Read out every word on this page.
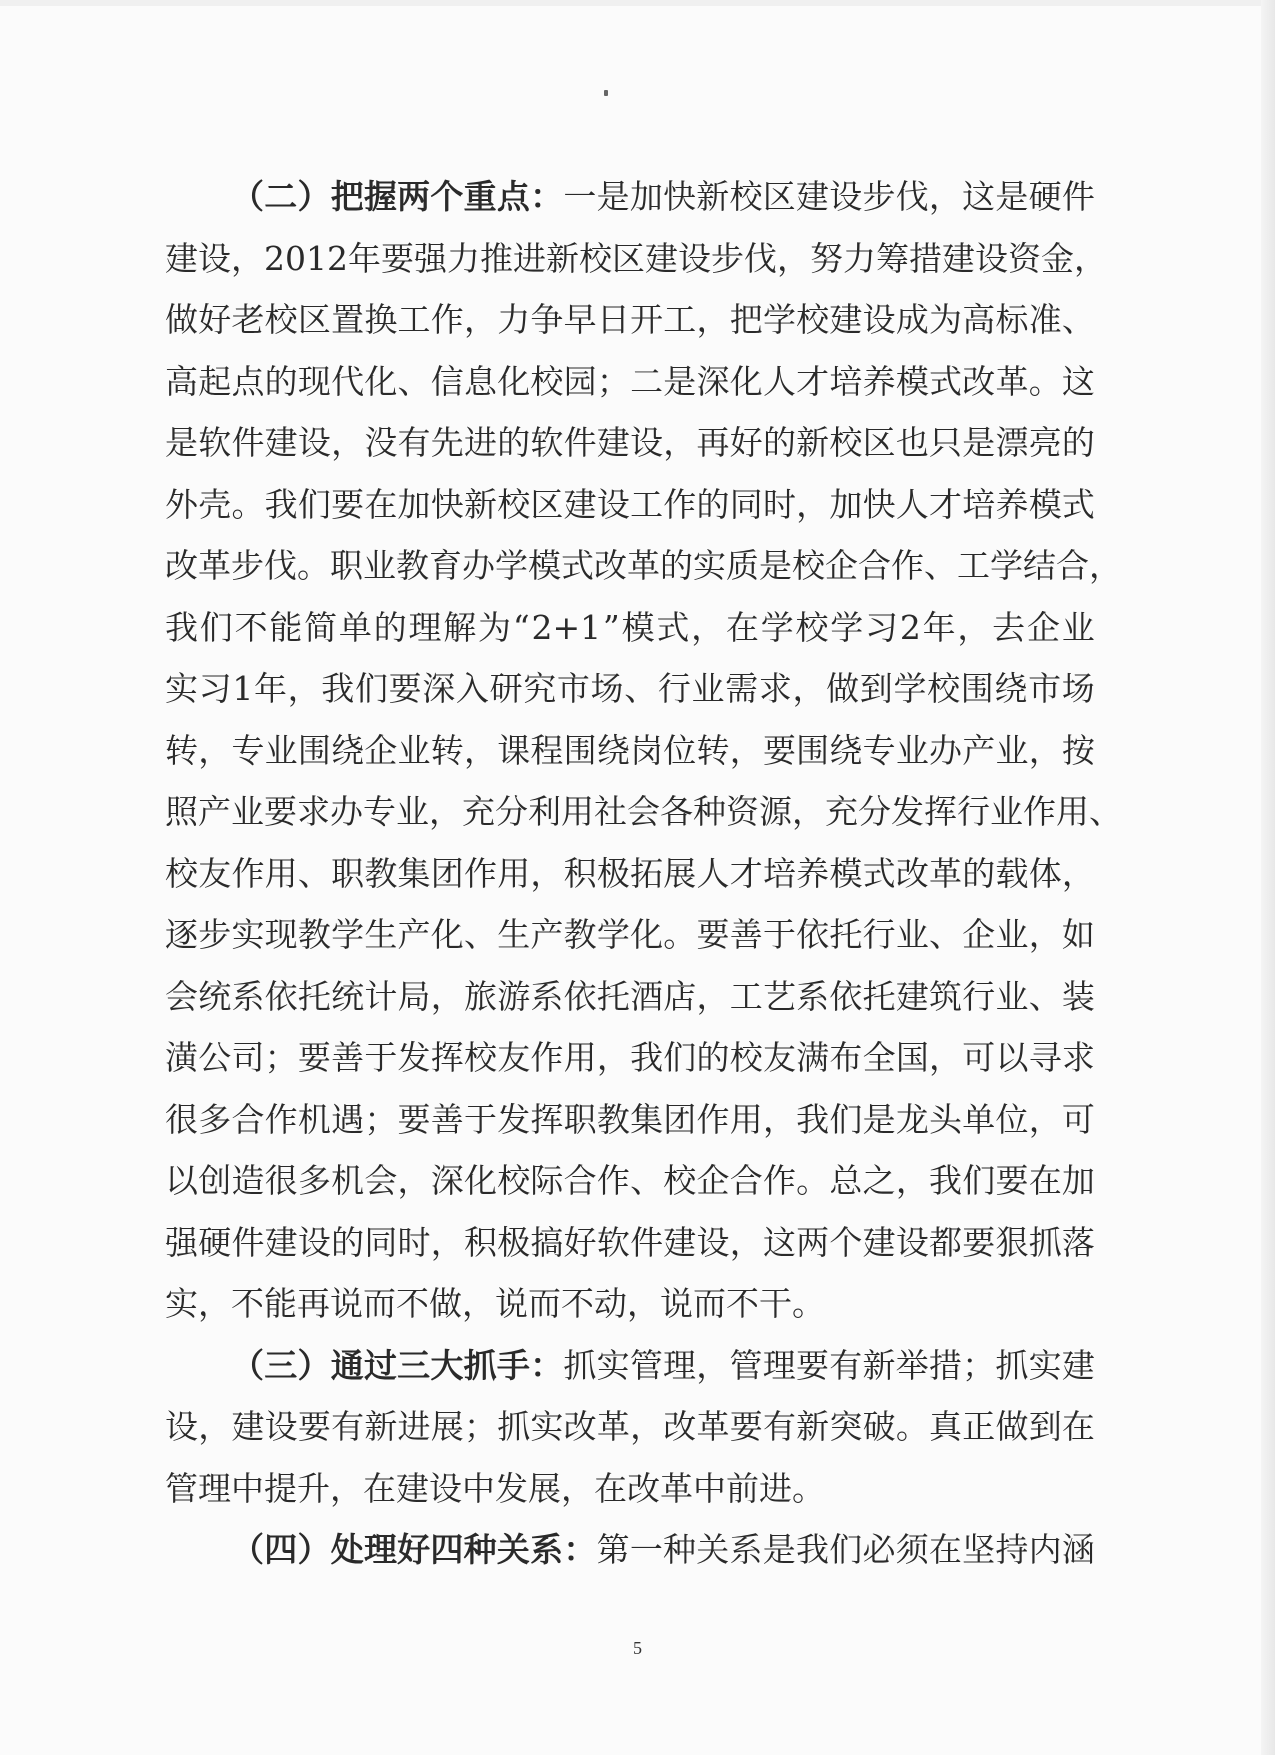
（ 二 ） 把 握 两 个 重 点 ： 一 是 加 快 新 校 区 建 设 步 伐 ， 这 是 硬 件
建 设 ， 2012 年 要 强 力 推 进 新 校 区 建 设 步 伐 ， 努 力 筹 措 建 设 资 金 ，
做 好 老 校 区 置 换 工 作 ， 力 争 早 日 开 工 ， 把 学 校 建 设 成 为 高 标 准 、
高 起 点 的 现 代 化 、 信 息 化 校 园 ； 二 是 深 化 人 才 培 养 模 式 改 革 。 这
是 软 件 建 设 ， 没 有 先 进 的 软 件 建 设 ， 再 好 的 新 校 区 也 只 是 漂 亮 的
外 壳 。 我 们 要 在 加 快 新 校 区 建 设 工 作 的 同 时 ， 加 快 人 才 培 养 模 式
改 革 步 伐 。 职 业 教 育 办 学 模 式 改 革 的 实 质 是 校 企 合 作 、 工 学 结 合 ，
我 们 不 能 简 单 的 理 解 为 “ 2+1 ” 模 式 ， 在 学 校 学 习 2 年 ， 去 企 业
实 习 1 年 ， 我 们 要 深 入 研 究 市 场 、 行 业 需 求 ， 做 到 学 校 围 绕 市 场
转 ， 专 业 围 绕 企 业 转 ， 课 程 围 绕 岗 位 转 ， 要 围 绕 专 业 办 产 业 ， 按
照 产 业 要 求 办 专 业 ， 充 分 利 用 社 会 各 种 资 源 ， 充 分 发 挥 行 业 作 用 、
校 友 作 用 、 职 教 集 团 作 用 ， 积 极 拓 展 人 才 培 养 模 式 改 革 的 载 体 ，
逐 步 实 现 教 学 生 产 化 、 生 产 教 学 化 。 要 善 于 依 托 行 业 、 企 业 ， 如
会 统 系 依 托 统 计 局 ， 旅 游 系 依 托 酒 店 ， 工 艺 系 依 托 建 筑 行 业 、 装
潢 公 司 ； 要 善 于 发 挥 校 友 作 用 ， 我 们 的 校 友 满 布 全 国 ， 可 以 寻 求
很 多 合 作 机 遇 ； 要 善 于 发 挥 职 教 集 团 作 用 ， 我 们 是 龙 头 单 位 ， 可
以 创 造 很 多 机 会 ， 深 化 校 际 合 作 、 校 企 合 作 。 总 之 ， 我 们 要 在 加
强 硬 件 建 设 的 同 时 ， 积 极 搞 好 软 件 建 设 ， 这 两 个 建 设 都 要 狠 抓 落
实 ， 不 能 再 说 而 不 做 ， 说 而 不 动 ， 说 而 不 干 。
（ 三 ） 通 过 三 大 抓 手 ： 抓 实 管 理 ， 管 理 要 有 新 举 措 ； 抓 实 建
设 ， 建 设 要 有 新 进 展 ； 抓 实 改 革 ， 改 革 要 有 新 突 破 。 真 正 做 到 在
管 理 中 提 升 ， 在 建 设 中 发 展 ， 在 改 革 中 前 进 。
（ 四 ） 处 理 好 四 种 关 系 ： 第 一 种 关 系 是 我 们 必 须 在 坚 持 内 涵
5
